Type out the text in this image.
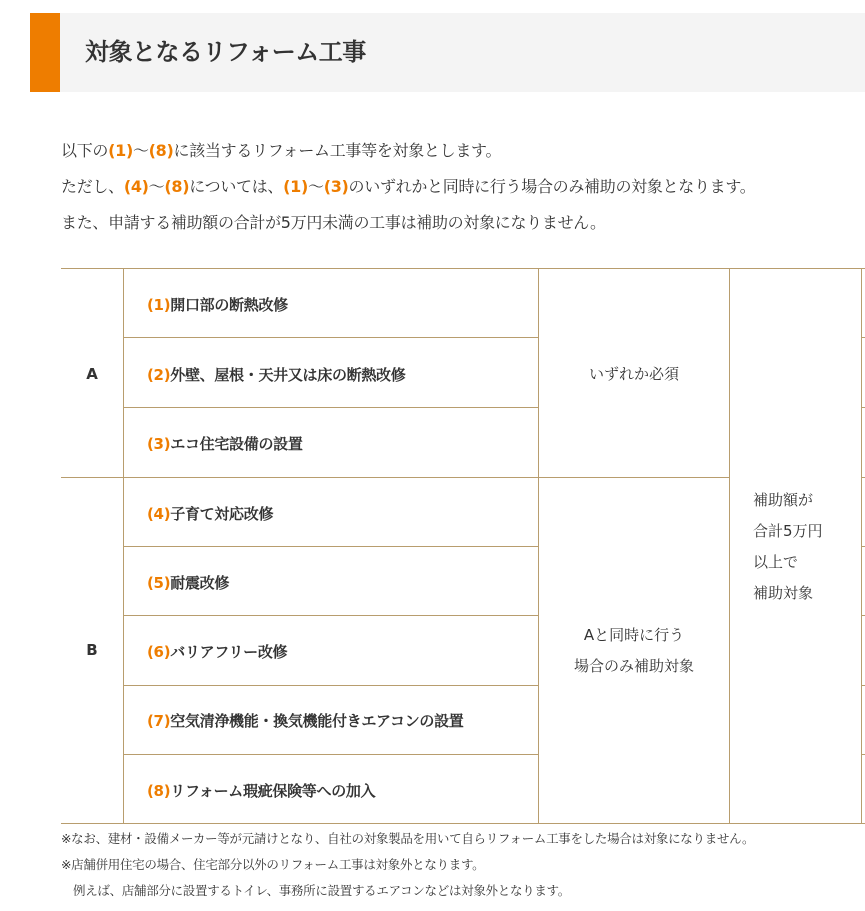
対象となるリフォーム工事

以下の(1)～(8)に該当するリフォーム工事等を対象とします。

ただし、(4)～(8)については、(1)～(3)のいずれかと同時に行う場合のみ補助の対象となります。

また、申請する補助額の合計が5万円未満の工事は補助の対象になりません。

A
B
(1)開口部の断熱改修
(2)外壁、屋根・天井又は床の断熱改修
(3)エコ住宅設備の設置
(4)子育て対応改修
(5)耐震改修
(6)バリアフリー改修
(7)空気清浄機能・換気機能付きエアコンの設置
(8)リフォーム瑕疵保険等への加入
いずれか必須
Aと同時に行う
場合のみ補助対象
補助額が
合計5万円
以上で
補助対象

※なお、建材・設備メーカー等が元請けとなり、自社の対象製品を用いて自らリフォーム工事をした場合は対象になりません。

※店舗併用住宅の場合、住宅部分以外のリフォーム工事は対象外となります。

例えば、店舗部分に設置するトイレ、事務所に設置するエアコンなどは対象外となります。
